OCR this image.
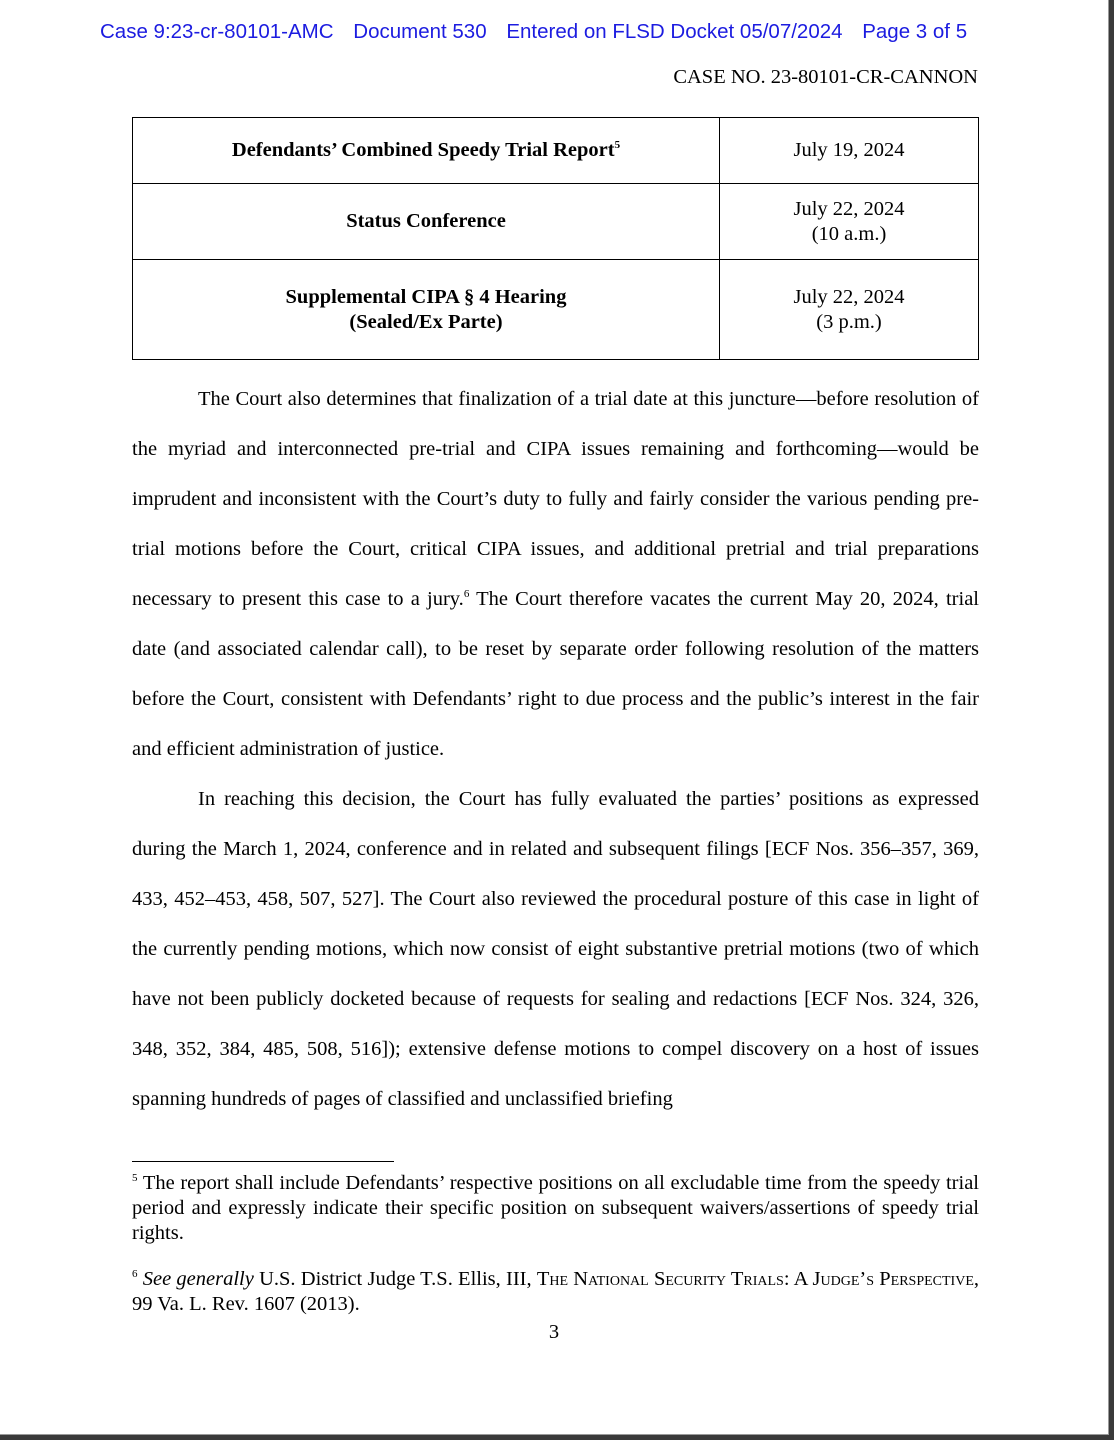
Case 9:23-cr-80101-AMC Document 530 Entered on FLSD Docket 05/07/2024 Page 3 of 5
CASE NO. 23-80101-CR-CANNON
Defendants’ Combined Speedy Trial Report$^5$	July 19, 2024
Status Conference	July 22, 2024
(10 a.m.)
Supplemental CIPA § 4 Hearing
(Sealed/Ex Parte)	July 22, 2024
(3 p.m.)

The Court also determines that finalization of a trial date at this juncture—before resolution of the myriad and interconnected pre-trial and CIPA issues remaining and forthcoming—would be imprudent and inconsistent with the Court’s duty to fully and fairly consider the various pending pre-trial motions before the Court, critical CIPA issues, and additional pretrial and trial preparations necessary to present this case to a jury.$^6$ The Court therefore vacates the current May 20, 2024, trial date (and associated calendar call), to be reset by separate order following resolution of the matters before the Court, consistent with Defendants’ right to due process and the public’s interest in the fair and efficient administration of justice.

In reaching this decision, the Court has fully evaluated the parties’ positions as expressed during the March 1, 2024, conference and in related and subsequent filings [ECF Nos. 356–357, 369, 433, 452–453, 458, 507, 527]. The Court also reviewed the procedural posture of this case in light of the currently pending motions, which now consist of eight substantive pretrial motions (two of which have not been publicly docketed because of requests for sealing and redactions [ECF Nos. 324, 326, 348, 352, 384, 485, 508, 516]); extensive defense motions to compel discovery on a host of issues spanning hundreds of pages of classified and unclassified briefing

$^5$ The report shall include Defendants’ respective positions on all excludable time from the speedy trial period and expressly indicate their specific position on subsequent waivers/assertions of speedy trial rights.
$^6$ See generally U.S. District Judge T.S. Ellis, III, The National Security Trials: A Judge’s Perspective, 99 Va. L. Rev. 1607 (2013).
3
